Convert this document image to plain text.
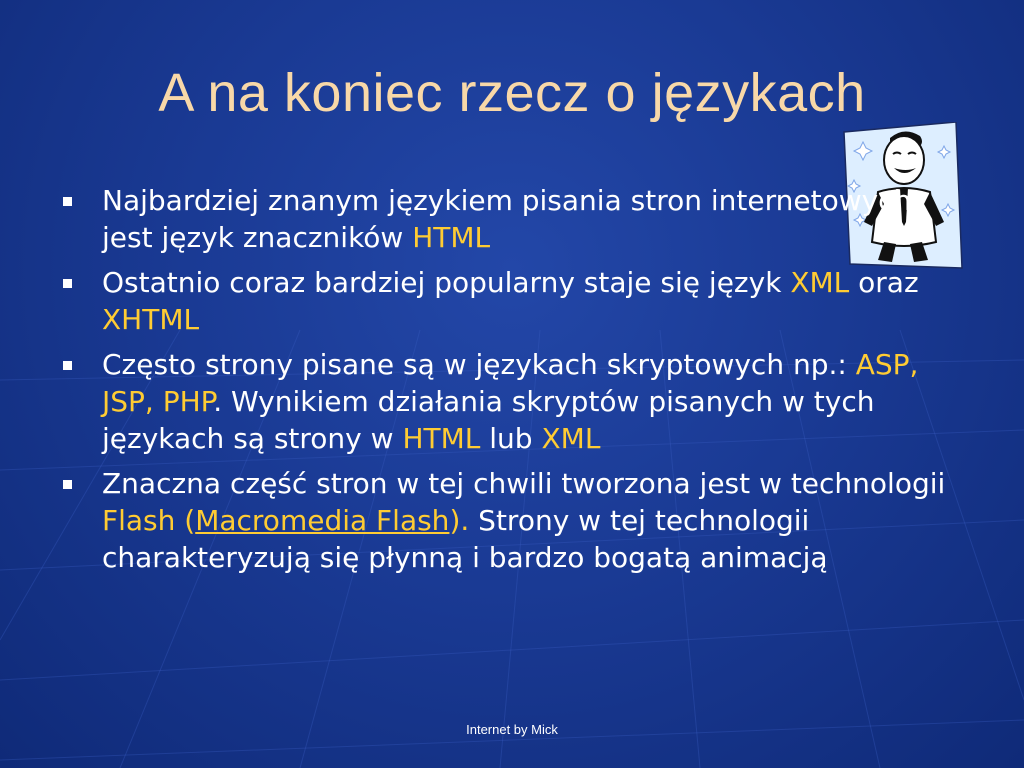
A na koniec rzecz o językach
Najbardziej znanym językiem pisania stron internetowych jest język znaczników HTML
Ostatnio coraz bardziej popularny staje się język XML oraz XHTML
Często strony pisane są w językach skryptowych np.: ASP, JSP, PHP. Wynikiem działania skryptów pisanych w tych językach są strony w HTML lub XML
Znaczna część stron w tej chwili tworzona jest w technologii Flash (Macromedia Flash). Strony w tej technologii charakteryzują się płynną i bardzo bogatą animacją
Internet by Mick
